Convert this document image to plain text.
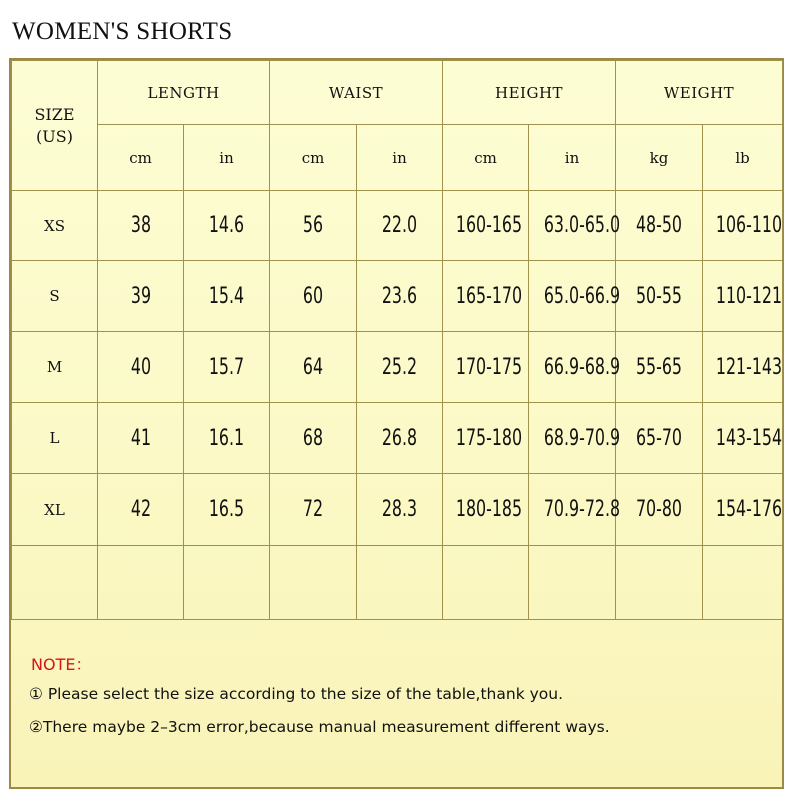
WOMEN'S SHORTS
SIZE
(US)	LENGTH		WAIST		HEIGHT		WEIGHT	
	cm	in	cm	in	cm	in	kg	lb
XS	38	14.6	56	22.0	160-165	63.0-65.0	48-50	106-110
S	39	15.4	60	23.6	165-170	65.0-66.9	50-55	110-121
M	40	15.7	64	25.2	170-175	66.9-68.9	55-65	121-143
L	41	16.1	68	26.8	175-180	68.9-70.9	65-70	143-154
XL	42	16.5	72	28.3	180-185	70.9-72.8	70-80	154-176

NOTE：
① Please select the size according to the size of the table,thank you.
②There maybe 2–3cm error,because manual measurement different ways.
